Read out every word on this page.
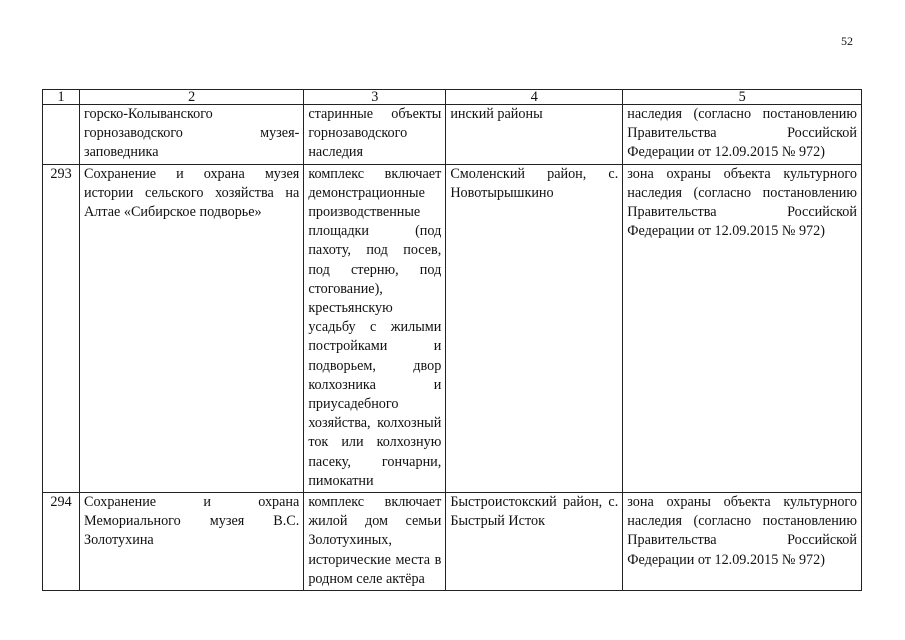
52
1	2	3	4	5
	горско-Колыванского горнозаводского музея-заповедника	старинные объекты горнозаводского наследия	инский районы	наследия (согласно постановлению Правительства Российской Федерации от 12.09.2015 № 972)
293	Сохранение и охрана музея истории сельского хозяйства на Алтае «Сибирское подворье»	комплекс включает демонстрационные производственные площадки (под пахоту, под посев, под стерню, под стогование), крестьянскую усадьбу с жилыми постройками и подворьем, двор колхозника и приусадебного хозяйства, колхозный ток или колхозную пасеку, гончарни, пимокатни	Смоленский район, с. Новотырышкино	зона охраны объекта культурного наследия (согласно постановлению Правительства Российской Федерации от 12.09.2015 № 972)
294	Сохранение и охрана Мемориального музея В.С. Золотухина	комплекс включает жилой дом семьи Золотухиных, исторические места в родном селе актёра	Быстроистокский район, с. Быстрый Исток	зона охраны объекта культурного наследия (согласно постановлению Правительства Российской Федерации от 12.09.2015 № 972)
